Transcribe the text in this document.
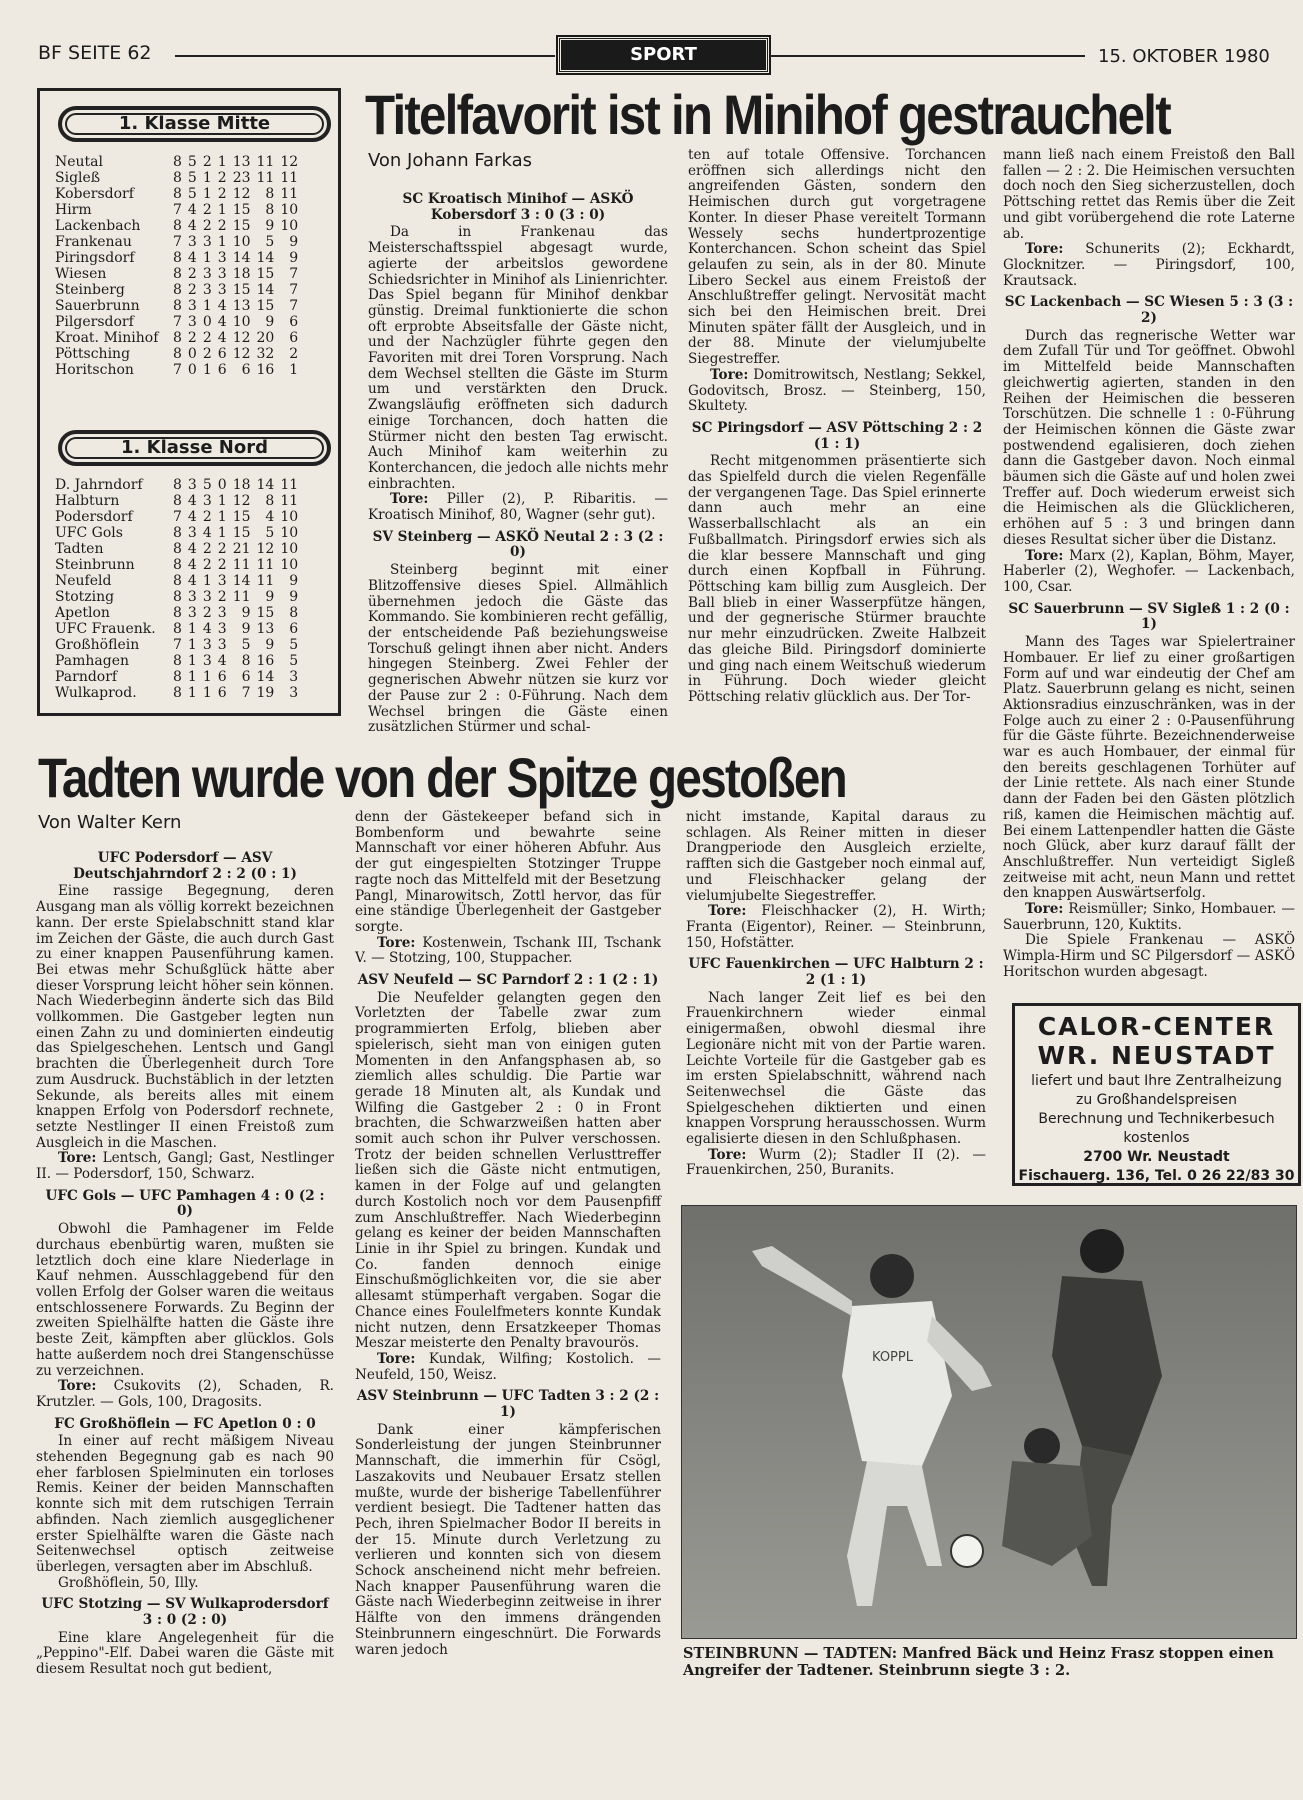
BF SEITE 62	SPORT	15. OKTOBER 1980
1. Klasse Mitte
Neutal	8	5	2	1	13	11	12
Sigleß	8	5	1	2	23	11	11
Kobersdorf	8	5	1	2	12	8	11
Hirm	7	4	2	1	15	8	10
Lackenbach	8	4	2	2	15	9	10
Frankenau	7	3	3	1	10	5	9
Piringsdorf	8	4	1	3	14	14	9
Wiesen	8	2	3	3	18	15	7
Steinberg	8	2	3	3	15	14	7
Sauerbrunn	8	3	1	4	13	15	7
Pilgersdorf	7	3	0	4	10	9	6
Kroat. Minihof	8	2	2	4	12	20	6
Pöttsching	8	0	2	6	12	32	2
Horitschon	7	0	1	6	6	16	1
1. Klasse Nord
D. Jahrndorf	8	3	5	0	18	14	11
Halbturn	8	4	3	1	12	8	11
Podersdorf	7	4	2	1	15	4	10
UFC Gols	8	3	4	1	15	5	10
Tadten	8	4	2	2	21	12	10
Steinbrunn	8	4	2	2	11	11	10
Neufeld	8	4	1	3	14	11	9
Stotzing	8	3	3	2	11	9	9
Apetlon	8	3	2	3	9	15	8
UFC Frauenk.	8	1	4	3	9	13	6
Großhöflein	7	1	3	3	5	9	5
Pamhagen	8	1	3	4	8	16	5
Parndorf	8	1	1	6	6	14	3
Wulkaprod.	8	1	1	6	7	19	3
Titelfavorit ist in Minihof gestrauchelt
Von Johann Farkas
SC Kroatisch Minihof — ASKÖ Kobersdorf 3 : 0 (3 : 0)

Da in Frankenau das Meisterschaftsspiel abgesagt wurde, agierte der arbeitslos gewordene Schiedsrichter in Minihof als Linienrichter. Das Spiel begann für Minihof denkbar günstig. Dreimal funktionierte die schon oft erprobte Abseitsfalle der Gäste nicht, und der Nachzügler führte gegen den Favoriten mit drei Toren Vorsprung. Nach dem Wechsel stellten die Gäste im Sturm um und verstärkten den Druck. Zwangsläufig eröffneten sich dadurch einige Torchancen, doch hatten die Stürmer nicht den besten Tag erwischt. Auch Minihof kam weiterhin zu Konterchancen, die jedoch alle nichts mehr einbrachten.

Tore: Piller (2), P. Ribaritis. — Kroatisch Minihof, 80, Wagner (sehr gut).

SV Steinberg — ASKÖ Neutal 2 : 3 (2 : 0)

Steinberg beginnt mit einer Blitzoffensive dieses Spiel. Allmählich übernehmen jedoch die Gäste das Kommando. Sie kombinieren recht gefällig, der entscheidende Paß beziehungsweise Torschuß gelingt ihnen aber nicht. Anders hingegen Steinberg. Zwei Fehler der gegnerischen Abwehr nützen sie kurz vor der Pause zur 2 : 0-Führung. Nach dem Wechsel bringen die Gäste einen zusätzlichen Stürmer und schal-

ten auf totale Offensive. Torchancen eröffnen sich allerdings nicht den angreifenden Gästen, sondern den Heimischen durch gut vorgetragene Konter. In dieser Phase vereitelt Tormann Wessely sechs hundertprozentige Konterchancen. Schon scheint das Spiel gelaufen zu sein, als in der 80. Minute Libero Seckel aus einem Freistoß der Anschlußtreffer gelingt. Nervosität macht sich bei den Heimischen breit. Drei Minuten später fällt der Ausgleich, und in der 88. Minute der vielumjubelte Siegestreffer.

Tore: Domitrowitsch, Nestlang; Sekkel, Godovitsch, Brosz. — Steinberg, 150, Skultety.

SC Piringsdorf — ASV Pöttsching 2 : 2 (1 : 1)

Recht mitgenommen präsentierte sich das Spielfeld durch die vielen Regenfälle der vergangenen Tage. Das Spiel erinnerte dann auch mehr an eine Wasserballschlacht als an ein Fußballmatch. Piringsdorf erwies sich als die klar bessere Mannschaft und ging durch einen Kopfball in Führung. Pöttsching kam billig zum Ausgleich. Der Ball blieb in einer Wasserpfütze hängen, und der gegnerische Stürmer brauchte nur mehr einzudrücken. Zweite Halbzeit das gleiche Bild. Piringsdorf dominierte und ging nach einem Weitschuß wiederum in Führung. Doch wieder gleicht Pöttsching relativ glücklich aus. Der Tor-

mann ließ nach einem Freistoß den Ball fallen — 2 : 2. Die Heimischen versuchten doch noch den Sieg sicherzustellen, doch Pöttsching rettet das Remis über die Zeit und gibt vorübergehend die rote Laterne ab.

Tore: Schunerits (2); Eckhardt, Glocknitzer. — Piringsdorf, 100, Krautsack.

SC Lackenbach — SC Wiesen 5 : 3 (3 : 2)

Durch das regnerische Wetter war dem Zufall Tür und Tor geöffnet. Obwohl im Mittelfeld beide Mannschaften gleichwertig agierten, standen in den Reihen der Heimischen die besseren Torschützen. Die schnelle 1 : 0-Führung der Heimischen können die Gäste zwar postwendend egalisieren, doch ziehen dann die Gastgeber davon. Noch einmal bäumen sich die Gäste auf und holen zwei Treffer auf. Doch wiederum erweist sich die Heimischen als die Glücklicheren, erhöhen auf 5 : 3 und bringen dann dieses Resultat sicher über die Distanz.

Tore: Marx (2), Kaplan, Böhm, Mayer, Haberler (2), Weghofer. — Lackenbach, 100, Csar.

SC Sauerbrunn — SV Sigleß 1 : 2 (0 : 1)

Mann des Tages war Spielertrainer Hombauer. Er lief zu einer großartigen Form auf und war eindeutig der Chef am Platz. Sauerbrunn gelang es nicht, seinen Aktionsradius einzuschränken, was in der Folge auch zu einer 2 : 0-Pausenführung für die Gäste führte. Bezeichnenderweise war es auch Hombauer, der einmal für den bereits geschlagenen Torhüter auf der Linie rettete. Als nach einer Stunde dann der Faden bei den Gästen plötzlich riß, kamen die Heimischen mächtig auf. Bei einem Lattenpendler hatten die Gäste noch Glück, aber kurz darauf fällt der Anschlußtreffer. Nun verteidigt Sigleß zeitweise mit acht, neun Mann und rettet den knappen Auswärtserfolg.

Tore: Reismüller; Sinko, Hombauer. — Sauerbrunn, 120, Kuktits.

Die Spiele Frankenau — ASKÖ Wimpla-Hirm und SC Pilgersdorf — ASKÖ Horitschon wurden abgesagt.

Tadten wurde von der Spitze gestoßen
Von Walter Kern
UFC Podersdorf — ASV Deutschjahrndorf 2 : 2 (0 : 1)

Eine rassige Begegnung, deren Ausgang man als völlig korrekt bezeichnen kann. Der erste Spielabschnitt stand klar im Zeichen der Gäste, die auch durch Gast zu einer knappen Pausenführung kamen. Bei etwas mehr Schußglück hätte aber dieser Vorsprung leicht höher sein können. Nach Wiederbeginn änderte sich das Bild vollkommen. Die Gastgeber legten nun einen Zahn zu und dominierten eindeutig das Spielgeschehen. Lentsch und Gangl brachten die Überlegenheit durch Tore zum Ausdruck. Buchstäblich in der letzten Sekunde, als bereits alles mit einem knappen Erfolg von Podersdorf rechnete, setzte Nestlinger II einen Freistoß zum Ausgleich in die Maschen.

Tore: Lentsch, Gangl; Gast, Nestlinger II. — Podersdorf, 150, Schwarz.

UFC Gols — UFC Pamhagen 4 : 0 (2 : 0)

Obwohl die Pamhagener im Felde durchaus ebenbürtig waren, mußten sie letztlich doch eine klare Niederlage in Kauf nehmen. Ausschlaggebend für den vollen Erfolg der Golser waren die weitaus entschlossenere Forwards. Zu Beginn der zweiten Spielhälfte hatten die Gäste ihre beste Zeit, kämpften aber glücklos. Gols hatte außerdem noch drei Stangenschüsse zu verzeichnen.

Tore: Csukovits (2), Schaden, R. Krutzler. — Gols, 100, Dragosits.

FC Großhöflein — FC Apetlon 0 : 0

In einer auf recht mäßigem Niveau stehenden Begegnung gab es nach 90 eher farblosen Spielminuten ein torloses Remis. Keiner der beiden Mannschaften konnte sich mit dem rutschigen Terrain abfinden. Nach ziemlich ausgeglichener erster Spielhälfte waren die Gäste nach Seitenwechsel optisch zeitweise überlegen, versagten aber im Abschluß.

Großhöflein, 50, Illy.

UFC Stotzing — SV Wulkaprodersdorf 3 : 0 (2 : 0)

Eine klare Angelegenheit für die „Peppino"-Elf. Dabei waren die Gäste mit diesem Resultat noch gut bedient,

denn der Gästekeeper befand sich in Bombenform und bewahrte seine Mannschaft vor einer höheren Abfuhr. Aus der gut eingespielten Stotzinger Truppe ragte noch das Mittelfeld mit der Besetzung Pangl, Minarowitsch, Zottl hervor, das für eine ständige Überlegenheit der Gastgeber sorgte.

Tore: Kostenwein, Tschank III, Tschank V. — Stotzing, 100, Stuppacher.

ASV Neufeld — SC Parndorf 2 : 1 (2 : 1)

Die Neufelder gelangten gegen den Vorletzten der Tabelle zwar zum programmierten Erfolg, blieben aber spielerisch, sieht man von einigen guten Momenten in den Anfangsphasen ab, so ziemlich alles schuldig. Die Partie war gerade 18 Minuten alt, als Kundak und Wilfing die Gastgeber 2 : 0 in Front brachten, die Schwarzweißen hatten aber somit auch schon ihr Pulver verschossen. Trotz der beiden schnellen Verlusttreffer ließen sich die Gäste nicht entmutigen, kamen in der Folge auf und gelangten durch Kostolich noch vor dem Pausenpfiff zum Anschlußtreffer. Nach Wiederbeginn gelang es keiner der beiden Mannschaften Linie in ihr Spiel zu bringen. Kundak und Co. fanden dennoch einige Einschußmöglichkeiten vor, die sie aber allesamt stümperhaft vergaben. Sogar die Chance eines Foulelfmeters konnte Kundak nicht nutzen, denn Ersatzkeeper Thomas Meszar meisterte den Penalty bravourös.

Tore: Kundak, Wilfing; Kostolich. — Neufeld, 150, Weisz.

ASV Steinbrunn — UFC Tadten 3 : 2 (2 : 1)

Dank einer kämpferischen Sonderleistung der jungen Steinbrunner Mannschaft, die immerhin für Csögl, Laszakovits und Neubauer Ersatz stellen mußte, wurde der bisherige Tabellenführer verdient besiegt. Die Tadtener hatten das Pech, ihren Spielmacher Bodor II bereits in der 15. Minute durch Verletzung zu verlieren und konnten sich von diesem Schock anscheinend nicht mehr befreien. Nach knapper Pausenführung waren die Gäste nach Wiederbeginn zeitweise in ihrer Hälfte von den immens drängenden Steinbrunnern eingeschnürt. Die Forwards waren jedoch

nicht imstande, Kapital daraus zu schlagen. Als Reiner mitten in dieser Drangperiode den Ausgleich erzielte, rafften sich die Gastgeber noch einmal auf, und Fleischhacker gelang der vielumjubelte Siegestreffer.

Tore: Fleischhacker (2), H. Wirth; Franta (Eigentor), Reiner. — Steinbrunn, 150, Hofstätter.

UFC Fauenkirchen — UFC Halbturn 2 : 2 (1 : 1)

Nach langer Zeit lief es bei den Frauenkirchnern wieder einmal einigermaßen, obwohl diesmal ihre Legionäre nicht mit von der Partie waren. Leichte Vorteile für die Gastgeber gab es im ersten Spielabschnitt, während nach Seitenwechsel die Gäste das Spielgeschehen diktierten und einen knappen Vorsprung herausschossen. Wurm egalisierte diesen in den Schlußphasen.

Tore: Wurm (2); Stadler II (2). — Frauenkirchen, 250, Buranits.

CALOR-CENTER
WR. NEUSTADT
liefert und baut Ihre Zentralheizung
zu Großhandelspreisen
Berechnung und Technikerbesuch
kostenlos
2700 Wr. Neustadt
Fischauerg. 136, Tel. 0 26 22/83 30
KOPPL
STEINBRUNN — TADTEN: Manfred Bäck und Heinz Frasz stoppen einen Angreifer der Tadtener. Steinbrunn siegte 3 : 2.
